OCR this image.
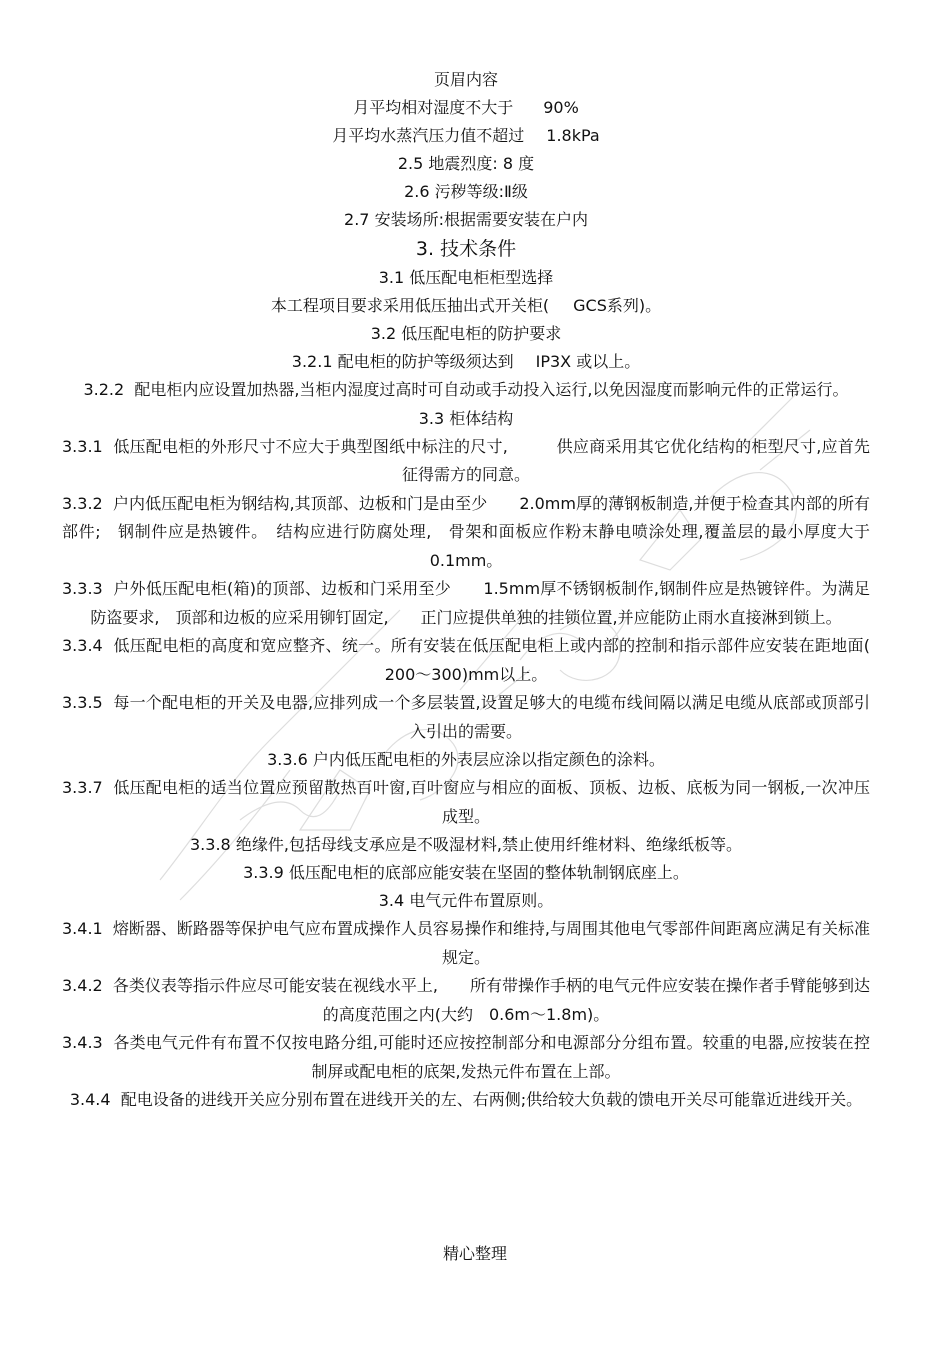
页眉内容
月平均相对湿度不大于 90%
月平均水蒸汽压力值不超过 1.8kPa
2.5 地震烈度: 8 度
2.6 污秽等级:Ⅱ级
2.7 安装场所:根据需要安装在户内
3. 技术条件
3.1 低压配电柜柜型选择
本工程项目要求采用低压抽出式开关柜( GCS系列)。
3.2 低压配电柜的防护要求
3.2.1 配电柜的防护等级须达到 IP3X 或以上。
3.2.2 配电柜内应设置加热器,当柜内湿度过高时可自动或手动投入运行,以免因湿度而影响元件的正常运行。
3.3 柜体结构
3.3.1 低压配电柜的外形尺寸不应大于典型图纸中标注的尺寸,　　　供应商采用其它优化结构的柜型尺寸,应首先征得需方的同意。
3.3.2 户内低压配电柜为钢结构,其顶部、边板和门是由至少　　2.0mm厚的薄钢板制造,并便于检查其内部的所有部件;　钢制件应是热镀件。　结构应进行防腐处理,　骨架和面板应作粉末静电喷涂处理,覆盖层的最小厚度大于　0.1mm。
3.3.3 户外低压配电柜(箱)的顶部、边板和门采用至少　　1.5mm厚不锈钢板制作,钢制件应是热镀锌件。为满足防盗要求,　顶部和边板的应采用铆钉固定,　　正门应提供单独的挂锁位置,并应能防止雨水直接淋到锁上。
3.3.4 低压配电柜的高度和宽应整齐、统一。所有安装在低压配电柜上或内部的控制和指示部件应安装在距地面(　200～300)mm以上。
3.3.5 每一个配电柜的开关及电器,应排列成一个多层装置,设置足够大的电缆布线间隔以满足电缆从底部或顶部引入引出的需要。
3.3.6 户内低压配电柜的外表层应涂以指定颜色的涂料。
3.3.7 低压配电柜的适当位置应预留散热百叶窗,百叶窗应与相应的面板、顶板、边板、底板为同一钢板,一次冲压成型。
3.3.8 绝缘件,包括母线支承应是不吸湿材料,禁止使用纤维材料、绝缘纸板等。
3.3.9 低压配电柜的底部应能安装在坚固的整体轨制钢底座上。
3.4 电气元件布置原则。
3.4.1 熔断器、断路器等保护电气应布置成操作人员容易操作和维持,与周围其他电气零部件间距离应满足有关标准规定。
3.4.2 各类仪表等指示件应尽可能安装在视线水平上,　　所有带操作手柄的电气元件应安装在操作者手臂能够到达的高度范围之内(大约　0.6m～1.8m)。
3.4.3 各类电气元件有布置不仅按电路分组,可能时还应按控制部分和电源部分分组布置。较重的电器,应按装在控制屏或配电柜的底架,发热元件布置在上部。
3.4.4 配电设备的进线开关应分别布置在进线开关的左、右两侧;供给较大负载的馈电开关尽可能靠近进线开关。
精心整理
